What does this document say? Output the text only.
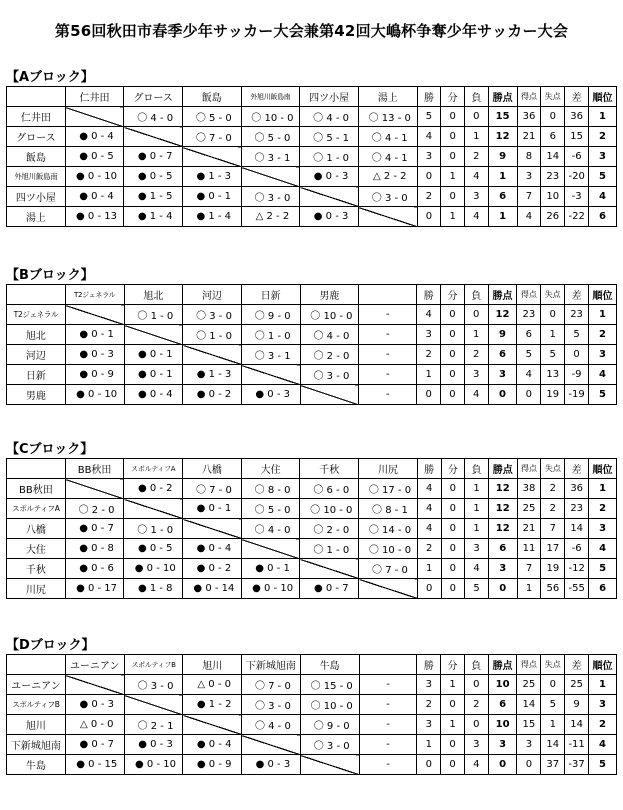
第56回秋田市春季少年サッカー大会兼第42回大嶋杯争奪少年サッカー大会
【Aブロック】
	仁井田	グロース	飯島	外旭川飯島南	四ツ小屋	湯上	勝	分	負	勝点	得点	失点	差	順位
仁井田		〇 4 - 0	〇 5 - 0	〇 10 - 0	〇 4 - 0	〇 13 - 0	5	0	0	15	36	0	36	1
グロース	● 0 - 4		〇 7 - 0	〇 5 - 0	〇 5 - 1	〇 4 - 1	4	0	1	12	21	6	15	2
飯島	● 0 - 5	● 0 - 7		〇 3 - 1	〇 1 - 0	〇 4 - 1	3	0	2	9	8	14	-6	3
外旭川飯島南	● 0 - 10	● 0 - 5	● 1 - 3		● 0 - 3	△ 2 - 2	0	1	4	1	3	23	-20	5
四ツ小屋	● 0 - 4	● 1 - 5	● 0 - 1	〇 3 - 0		〇 3 - 0	2	0	3	6	7	10	-3	4
湯上	● 0 - 13	● 1 - 4	● 1 - 4	△ 2 - 2	● 0 - 3		0	1	4	1	4	26	-22	6
【Bブロック】
	T2ジェネラル	旭北	河辺	日新	男鹿		勝	分	負	勝点	得点	失点	差	順位
T2ジェネラル		〇 1 - 0	〇 3 - 0	〇 9 - 0	〇 10 - 0	-	4	0	0	12	23	0	23	1
旭北	● 0 - 1		〇 1 - 0	〇 1 - 0	〇 4 - 0	-	3	0	1	9	6	1	5	2
河辺	● 0 - 3	● 0 - 1		〇 3 - 1	〇 2 - 0	-	2	0	2	6	5	5	0	3
日新	● 0 - 9	● 0 - 1	● 1 - 3		〇 3 - 0	-	1	0	3	3	4	13	-9	4
男鹿	● 0 - 10	● 0 - 4	● 0 - 2	● 0 - 3		-	0	0	4	0	0	19	-19	5
【Cブロック】
	BB秋田	スポルティフA	八橋	大住	千秋	川尻	勝	分	負	勝点	得点	失点	差	順位
BB秋田		● 0 - 2	〇 7 - 0	〇 8 - 0	〇 6 - 0	〇 17 - 0	4	0	1	12	38	2	36	1
スポルティフA	〇 2 - 0		● 0 - 1	〇 5 - 0	〇 10 - 0	〇 8 - 1	4	0	1	12	25	2	23	2
八橋	● 0 - 7	〇 1 - 0		〇 4 - 0	〇 2 - 0	〇 14 - 0	4	0	1	12	21	7	14	3
大住	● 0 - 8	● 0 - 5	● 0 - 4		〇 1 - 0	〇 10 - 0	2	0	3	6	11	17	-6	4
千秋	● 0 - 6	● 0 - 10	● 0 - 2	● 0 - 1		〇 7 - 0	1	0	4	3	7	19	-12	5
川尻	● 0 - 17	● 1 - 8	● 0 - 14	● 0 - 10	● 0 - 7		0	0	5	0	1	56	-55	6
【Dブロック】
	ユーニアン	スポルティフB	旭川	下新城旭南	牛島		勝	分	負	勝点	得点	失点	差	順位
ユーニアン		〇 3 - 0	△ 0 - 0	〇 7 - 0	〇 15 - 0	-	3	1	0	10	25	0	25	1
スポルティフB	● 0 - 3		● 1 - 2	〇 3 - 0	〇 10 - 0	-	2	0	2	6	14	5	9	3
旭川	△ 0 - 0	〇 2 - 1		〇 4 - 0	〇 9 - 0	-	3	1	0	10	15	1	14	2
下新城旭南	● 0 - 7	● 0 - 3	● 0 - 4		〇 3 - 0	-	1	0	3	3	3	14	-11	4
牛島	● 0 - 15	● 0 - 10	● 0 - 9	● 0 - 3		-	0	0	4	0	0	37	-37	5
